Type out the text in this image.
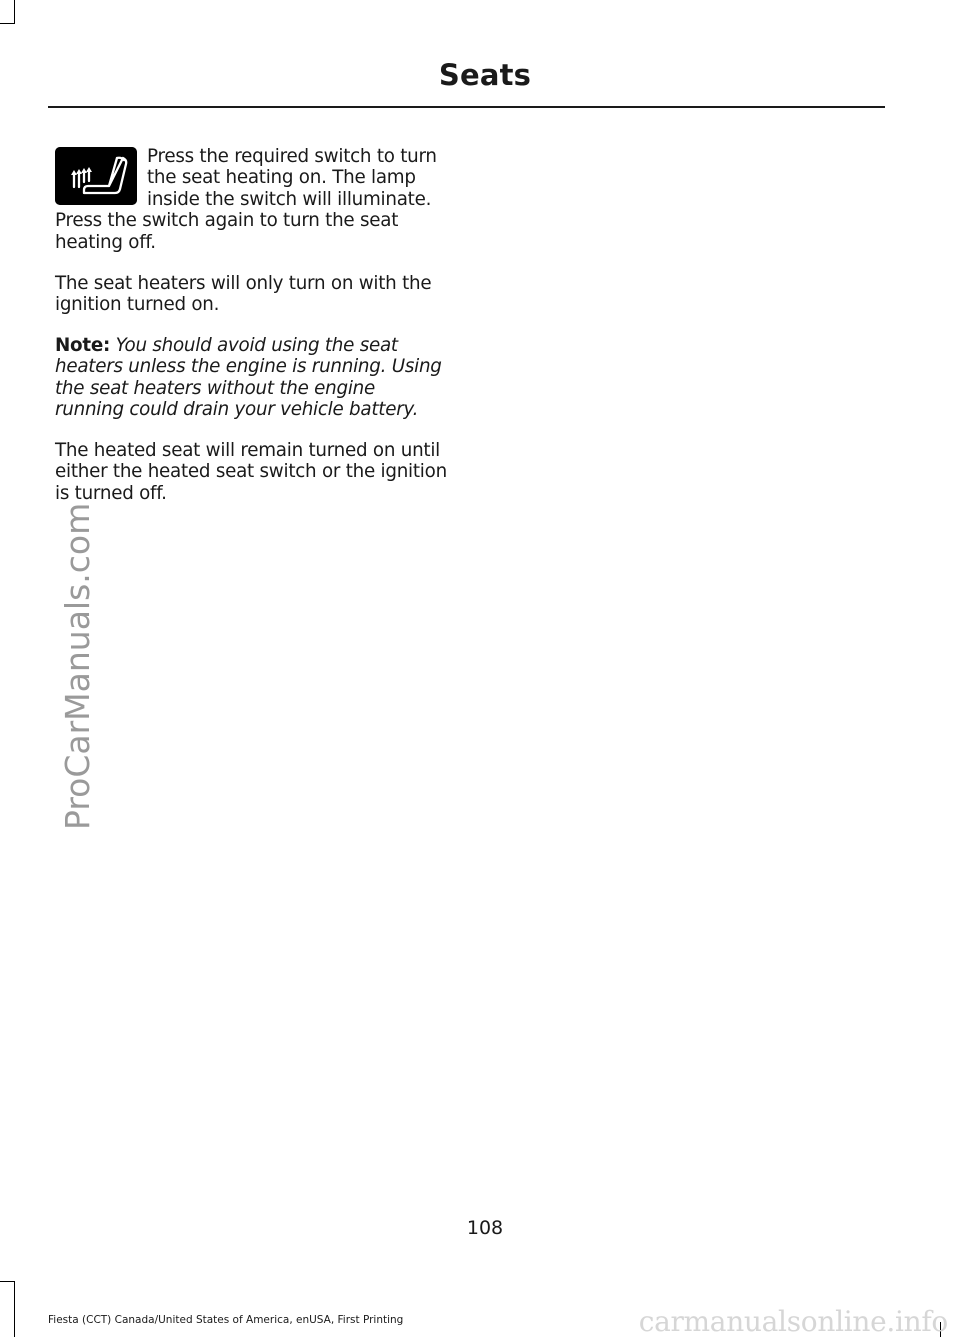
Seats

Press the required switch to turn the seat heating on. The lamp inside the switch will illuminate. Press the switch again to turn the seat heating off.

The seat heaters will only turn on with the ignition turned on.

Note: You should avoid using the seat heaters unless the engine is running. Using the seat heaters without the engine running could drain your vehicle battery.

The heated seat will remain turned on until either the heated seat switch or the ignition is turned off.

108
Fiesta (CCT) Canada/United States of America, enUSA, First Printing
ProCarManuals.com
carmanualsonline.info
